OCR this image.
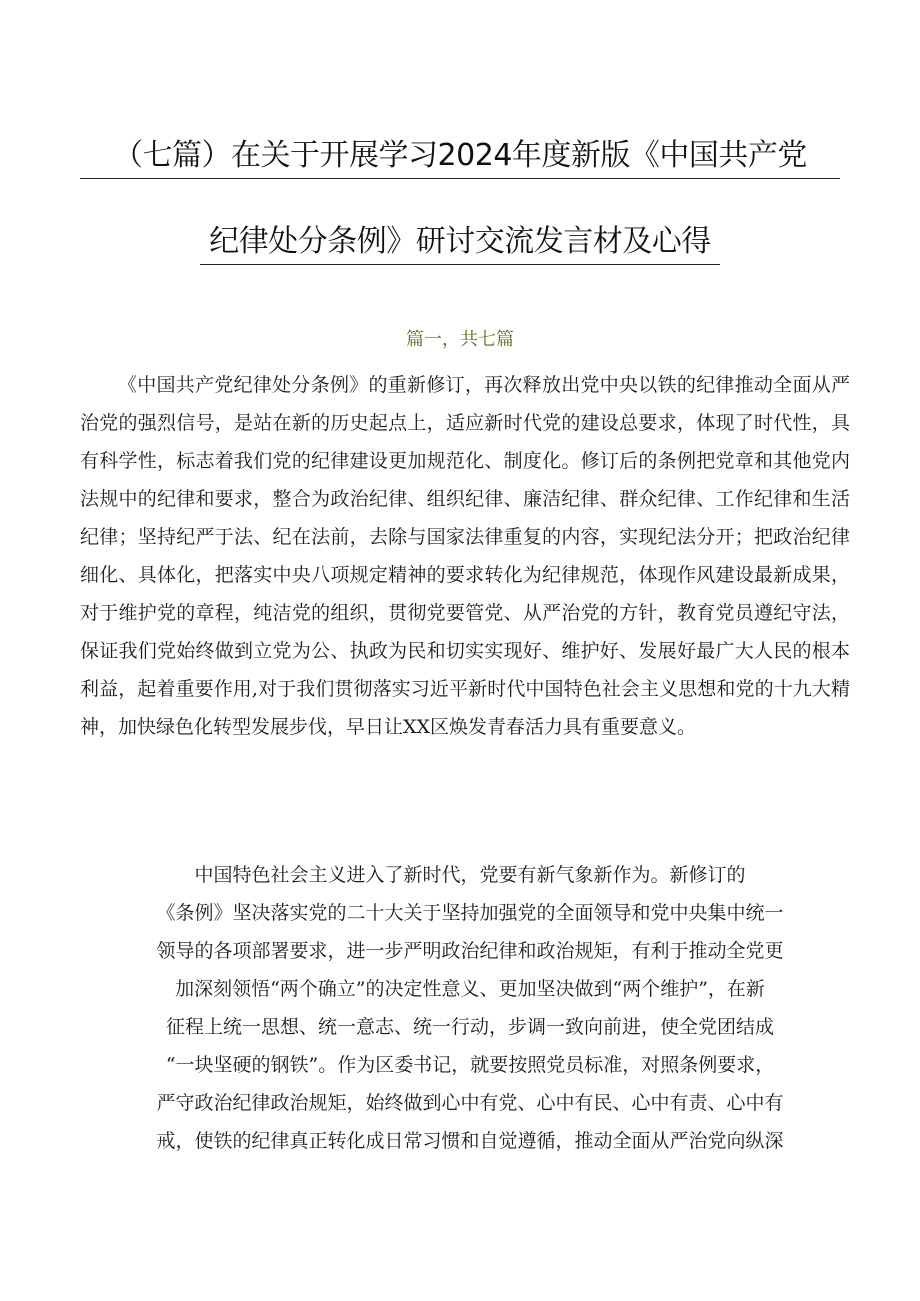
（七篇）在关于开展学习2024年度新版《中国共产党
纪律处分条例》研讨交流发言材及心得
篇一，共七篇
《中国共产党纪律处分条例》的重新修订，再次释放出党中央以铁的纪律推动全面从严治党的强烈信号，是站在新的历史起点上，适应新时代党的建设总要求，体现了时代性，具有科学性，标志着我们党的纪律建设更加规范化、制度化。修订后的条例把党章和其他党内法规中的纪律和要求，整合为政治纪律、组织纪律、廉洁纪律、群众纪律、工作纪律和生活纪律；坚持纪严于法、纪在法前，去除与国家法律重复的内容，实现纪法分开；把政治纪律细化、具体化，把落实中央八项规定精神的要求转化为纪律规范，体现作风建设最新成果，对于维护党的章程，纯洁党的组织，贯彻党要管党、从严治党的方针，教育党员遵纪守法，保证我们党始终做到立党为公、执政为民和切实实现好、维护好、发展好最广大人民的根本利益，起着重要作用,对于我们贯彻落实习近平新时代中国特色社会主义思想和党的十九大精神，加快绿色化转型发展步伐，早日让XX区焕发青春活力具有重要意义。
中国特色社会主义进入了新时代，党要有新气象新作为。新修订的
《条例》坚决落实党的二十大关于坚持加强党的全面领导和党中央集中统一
领导的各项部署要求，进一步严明政治纪律和政治规矩，有利于推动全党更
加深刻领悟“两个确立”的决定性意义、更加坚决做到“两个维护”，在新
征程上统一思想、统一意志、统一行动，步调一致向前进，使全党团结成
“一块坚硬的钢铁”。作为区委书记，就要按照党员标准，对照条例要求，
严守政治纪律政治规矩，始终做到心中有党、心中有民、心中有责、心中有
戒，使铁的纪律真正转化成日常习惯和自觉遵循，推动全面从严治党向纵深
